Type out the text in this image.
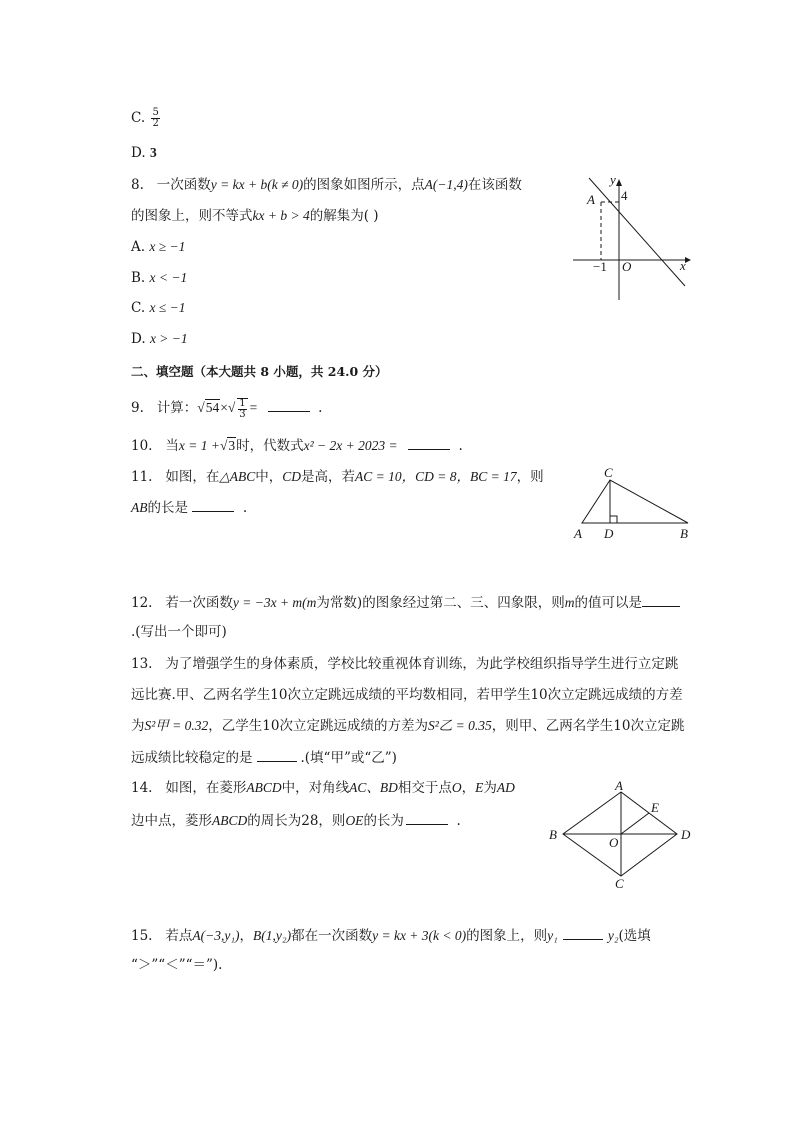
C. $\frac{5}{2}$
D. 3
8. 一次函数y = kx + b(k ≠ 0)的图象如图所示，点A(−1,4)在该函数
的图象上，则不等式kx + b > 4的解集为( )
A. x ≥ −1
B. x < −1
C. x ≤ −1
D. x > −1
y
x
4
A
−1 O
二、填空题（本大题共 8 小题，共 24.0 分）
9. 计算：$√54\times√ \frac{1}{3}$ =	.
10. 当x = 1 +√3时，代数式x² − 2x + 2023 =	.
11. 如图，在△ABC中，CD是高，若AC = 10，CD = 8，BC = 17，则
AB的长是	.
C
A D	B
12. 若一次函数y = −3x + m(m为常数)的图象经过第二、三、四象限，则m的值可以是
.(写出一个即可)
13. 为了增强学生的身体素质，学校比较重视体育训练，为此学校组织指导学生进行立定跳
远比赛.甲、乙两名学生10次立定跳远成绩的平均数相同，若甲学生10次立定跳远成绩的方差
为S²甲 = 0.32，乙学生10次立定跳远成绩的方差为S²乙 = 0.35，则甲、乙两名学生10次立定跳
远成绩比较稳定的是	.(填“甲”或“乙”)
14. 如图，在菱形ABCD中，对角线AC、BD相交于点O，E为AD
边中点，菱形ABCD的周长为28，则OE的长为	.
A
B
C
D
E
O
15. 若点A(−3,y₁)，B(1,y₂)都在一次函数y = kx + 3(k < 0)的图象上，则y₁	y₂(选填
“＞”“＜”“＝”).
